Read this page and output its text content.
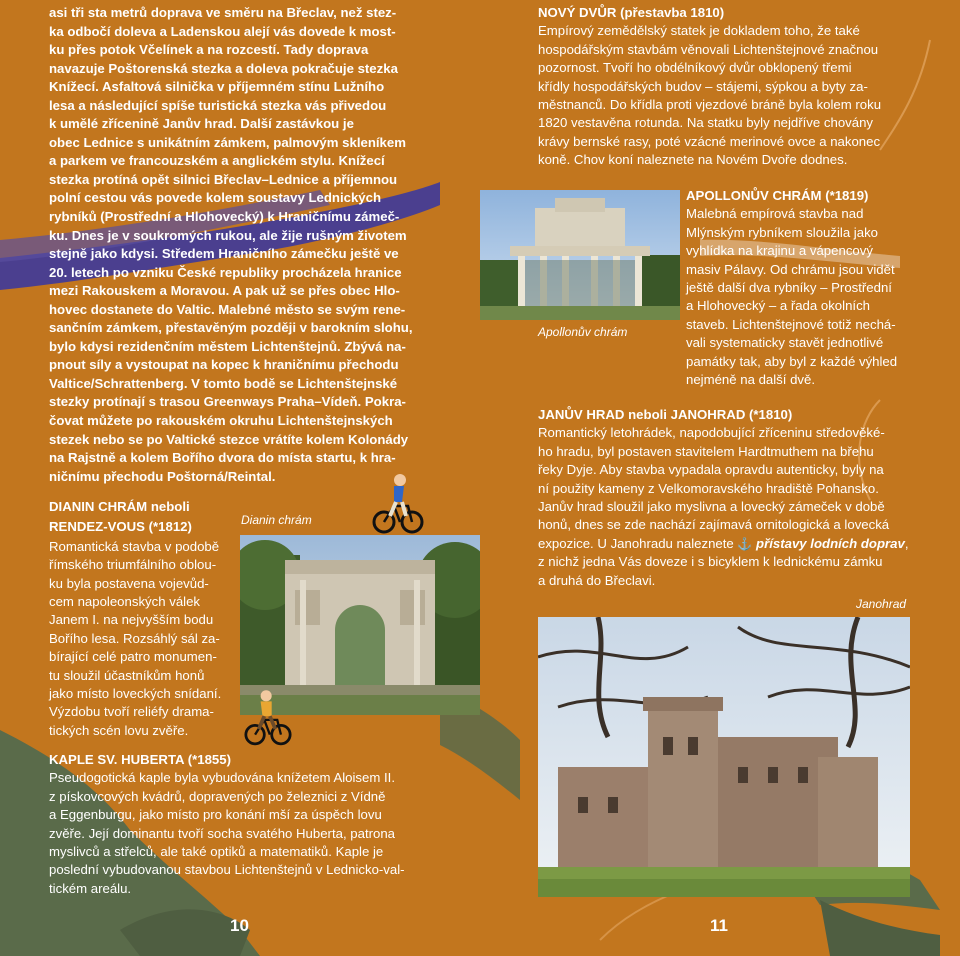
asi tři sta metrů doprava ve směru na Břeclav, než stez-
ka odbočí doleva a Ladenskou alejí vás dovede k most-
ku přes potok Včelínek a na rozcestí. Tady doprava
navazuje Poštorenská stezka a doleva pokračuje stezka
Knížecí. Asfaltová silnička v příjemném stínu Lužního
lesa a následující spíše turistická stezka vás přivedou
k umělé zřícenině Janův hrad. Další zastávkou je
obec Lednice s unikátním zámkem, palmovým skleníkem
a parkem ve francouzském a anglickém stylu. Knížecí
stezka protíná opět silnici Břeclav–Lednice a příjemnou
polní cestou vás povede kolem soustavy Lednických
rybníků (Prostřední a Hlohovecký) k Hraničnímu zámeč-
ku. Dnes je v soukromých rukou, ale žije rušným životem
stejně jako kdysi. Středem Hraničního zámečku ještě ve
20. letech po vzniku České republiky procházela hranice
mezi Rakouskem a Moravou. A pak už se přes obec Hlo-
hovec dostanete do Valtic. Malebné město se svým rene-
sančním zámkem, přestavěným později v barokním slohu,
bylo kdysi rezidenčním městem Lichtenštejnů. Zbývá na-
pnout síly a vystoupat na kopec k hraničnímu přechodu
Valtice/Schrattenberg. V tomto bodě se Lichtenštejnské
stezky protínají s trasou Greenways Praha–Vídeň. Pokra-
čovat můžete po rakouském okruhu Lichtenštejnských
stezek nebo se po Valtické stezce vrátíte kolem Kolonády
na Rajstně a kolem Bořího dvora do místa startu, k hra-
ničnímu přechodu Poštorná/Reintal.
DIANIN CHRÁM neboli
RENDEZ-VOUS (*1812)
Romantická stavba v podobě
římského triumfálního oblou-
ku byla postavena vojevůd-
cem napoleonských válek
Janem I. na nejvyšším bodu
Bořího lesa. Rozsáhlý sál za-
bírající celé patro monumen-
tu sloužil účastníkům honů
jako místo loveckých snídaní.
Výzdobu tvoří reliéfy drama-
tických scén lovu zvěře.
Dianin chrám
KAPLE SV. HUBERTA (*1855)
Pseudogotická kaple byla vybudována knížetem Aloisem II.
z pískovcových kvádrů, dopravených po železnici z Vídně
a Eggenburgu, jako místo pro konání mší za úspěch lovu
zvěře. Její dominantu tvoří socha svatého Huberta, patrona
myslivců a střelců, ale také optiků a matematiků. Kaple je
poslední vybudovanou stavbou Lichtenštejnů v Lednicko-val-
tickém areálu.
10
NOVÝ DVŮR (přestavba 1810)
Empírový zemědělský statek je dokladem toho, že také
hospodářským stavbám věnovali Lichtenštejnové značnou
pozornost. Tvoří ho obdélníkový dvůr obklopený třemi
křídly hospodářských budov – stájemi, sýpkou a byty za-
městnanců. Do křídla proti vjezdové bráně byla kolem roku
1820 vestavěna rotunda. Na statku byly nejdříve chovány
krávy bernské rasy, poté vzácné merinové ovce a nakonec
koně. Chov koní naleznete na Novém Dvoře dodnes.
Apollonův chrám
APOLLONŮV CHRÁM (*1819)
Malebná empírová stavba nad
Mlýnským rybníkem sloužila jako
vyhlídka na krajinu a vápencový
masiv Pálavy. Od chrámu jsou vidět
ještě další dva rybníky – Prostřední
a Hlohovecký – a řada okolních
staveb. Lichtenštejnové totiž nechá-
vali systematicky stavět jednotlivé
památky tak, aby byl z každé výhled
nejméně na další dvě.
JANŮV HRAD neboli JANOHRAD (*1810)
Romantický letohrádek, napodobující zříceninu středověké-
ho hradu, byl postaven stavitelem Hardtmuthem na břehu
řeky Dyje. Aby stavba vypadala opravdu autenticky, byly na
ní použity kameny z Velkomoravského hradiště Pohansko.
Janův hrad sloužil jako myslivna a lovecký zámeček v době
honů, dnes se zde nachází zajímavá ornitologická a lovecká
expozice. U Janohradu naleznete ⚓ přístavy lodních doprav,
z nichž jedna Vás doveze i s bicyklem k lednickému zámku
a druhá do Břeclavi.
Janohrad
11
